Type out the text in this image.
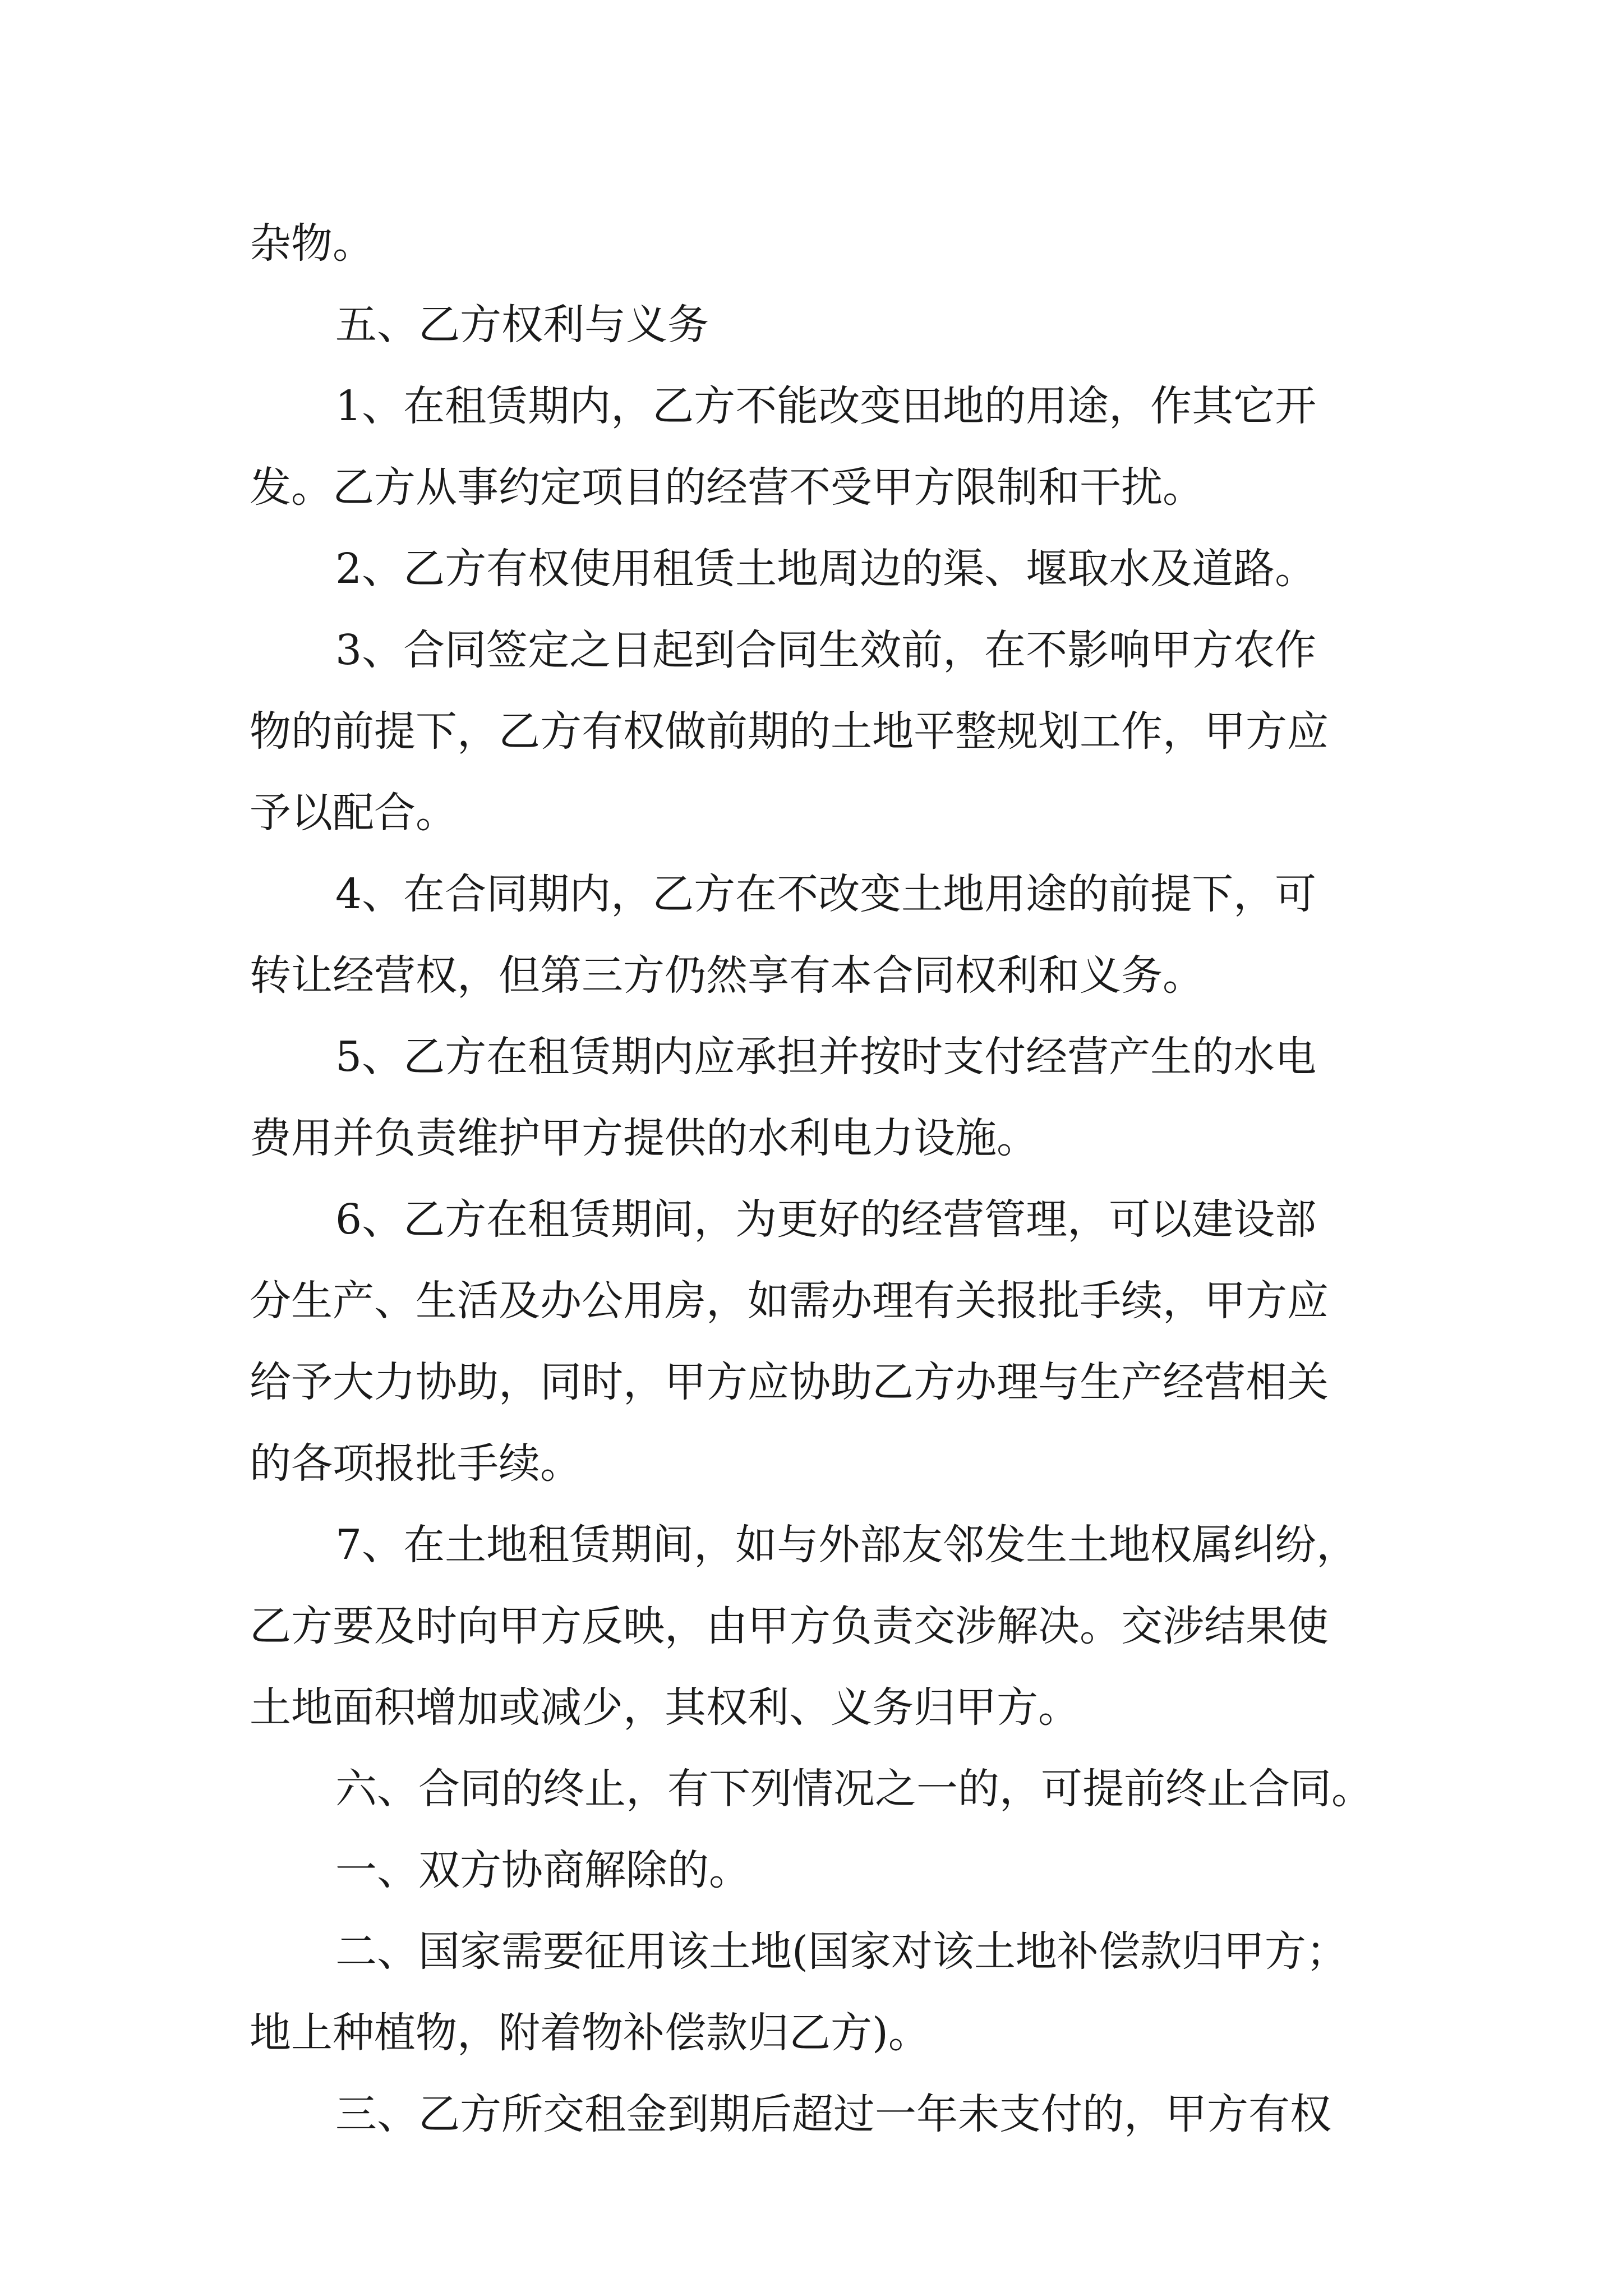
杂物。

五、乙方权利与义务

1、在租赁期内，乙方不能改变田地的用途，作其它开

发。乙方从事约定项目的经营不受甲方限制和干扰。

2、乙方有权使用租赁土地周边的渠、堰取水及道路。

3、合同签定之日起到合同生效前，在不影响甲方农作

物的前提下，乙方有权做前期的土地平整规划工作，甲方应

予以配合。

4、在合同期内，乙方在不改变土地用途的前提下，可

转让经营权，但第三方仍然享有本合同权利和义务。

5、乙方在租赁期内应承担并按时支付经营产生的水电

费用并负责维护甲方提供的水利电力设施。

6、乙方在租赁期间，为更好的经营管理，可以建设部

分生产、生活及办公用房，如需办理有关报批手续，甲方应

给予大力协助，同时，甲方应协助乙方办理与生产经营相关

的各项报批手续。

7、在土地租赁期间，如与外部友邻发生土地权属纠纷，

乙方要及时向甲方反映，由甲方负责交涉解决。交涉结果使

土地面积增加或减少，其权利、义务归甲方。

六、合同的终止，有下列情况之一的，可提前终止合同。

一、双方协商解除的。

二、国家需要征用该土地(国家对该土地补偿款归甲方；

地上种植物，附着物补偿款归乙方)。

三、乙方所交租金到期后超过一年未支付的，甲方有权
